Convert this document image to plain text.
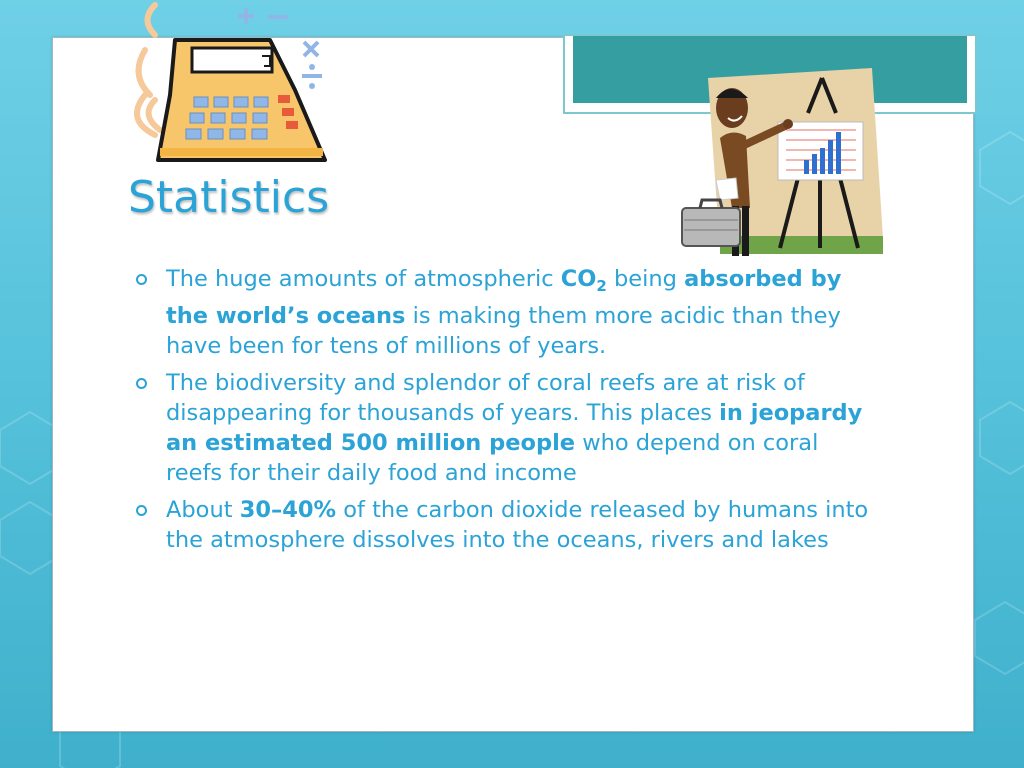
Statistics
The huge amounts of atmospheric $CO_2$ being absorbed by the world’s oceans is making them more acidic than they have been for tens of millions of years.
The biodiversity and splendor of coral reefs are at risk of disappearing for thousands of years. This places in jeopardy an estimated 500 million people who depend on coral reefs for their daily food and income
About 30–40% of the carbon dioxide released by humans into the atmosphere dissolves into the oceans, rivers and lakes
